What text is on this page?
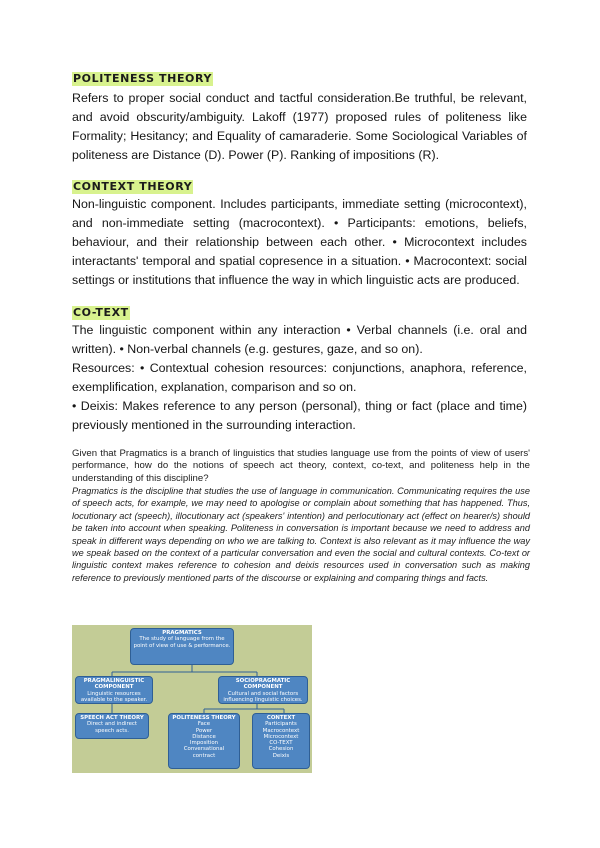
POLITENESS THEORY

Refers to proper social conduct and tactful consideration.Be truthful, be relevant, and avoid obscurity/ambiguity. Lakoff (1977) proposed rules of politeness like Formality; Hesitancy; and Equality of camaraderie. Some Sociological Variables of politeness are Distance (D). Power (P). Ranking of impositions (R).

CONTEXT THEORY

Non-linguistic component. Includes participants, immediate setting (microcontext), and non-immediate setting (macrocontext). • Participants: emotions, beliefs, behaviour, and their relationship between each other. • Microcontext includes interactants' temporal and spatial copresence in a situation. • Macrocontext: social settings or institutions that influence the way in which linguistic acts are produced.

CO-TEXT

The linguistic component within any interaction • Verbal channels (i.e. oral and written). • Non-verbal channels (e.g. gestures, gaze, and so on).

Resources: • Contextual cohesion resources: conjunctions, anaphora, reference, exemplification, explanation, comparison and so on.

• Deixis: Makes reference to any person (personal), thing or fact (place and time) previously mentioned in the surrounding interaction.

Given that Pragmatics is a branch of linguistics that studies language use from the points of view of users' performance, how do the notions of speech act theory, context, co-text, and politeness help in the understanding of this discipline?

Pragmatics is the discipline that studies the use of language in communication. Communicating requires the use of speech acts, for example, we may need to apologise or complain about something that has happened. Thus, locutionary act (speech), illocutionary act (speakers' intention) and perlocutionary act (effect on hearer/s) should be taken into account when speaking. Politeness in conversation is important because we need to address and speak in different ways depending on who we are talking to. Context is also relevant as it may influence the way we speak based on the context of a particular conversation and even the social and cultural contexts. Co-text or linguistic context makes reference to cohesion and deixis resources used in conversation such as making reference to previously mentioned parts of the discourse or explaining and comparing things and facts.

PRAGMATICS
The study of language from the
point of view of use & performance.
PRAGMALINGUISTIC COMPONENT
Linguistic resources available to the speaker.
SOCIOPRAGMATIC COMPONENT
Cultural and social factors influencing linguistic choices.
SPEECH ACT THEORY
Direct and indirect speech acts.
POLITENESS THEORY
Face
Power
Distance
Imposition
Conversational
contract
CONTEXT
Participants
Macrocontext
Microcontext
CO-TEXT
Cohesion
Deixis
